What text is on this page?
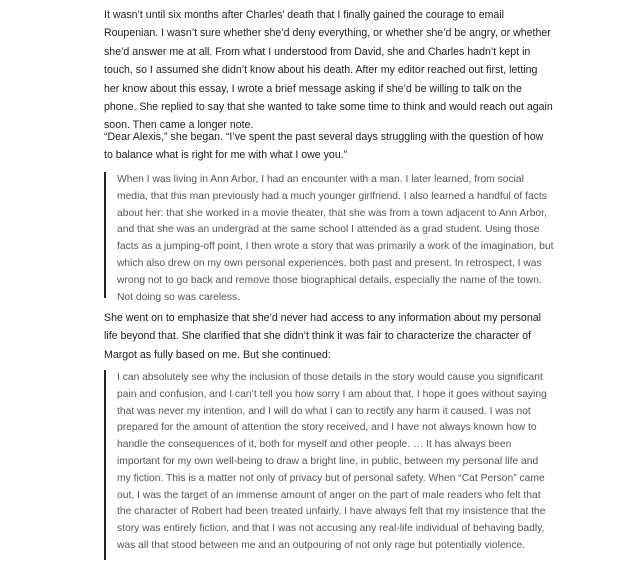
It wasn’t until six months after Charles’ death that I finally gained the courage to email Roupenian. I wasn’t sure whether she’d deny everything, or whether she’d be angry, or whether she’d answer me at all. From what I understood from David, she and Charles hadn’t kept in touch, so I assumed she didn’t know about his death. After my editor reached out first, letting her know about this essay, I wrote a brief message asking if she’d be willing to talk on the phone. She replied to say that she wanted to take some time to think and would reach out again soon. Then came a longer note.

“Dear Alexis,” she began. “I’ve spent the past several days struggling with the question of how to balance what is right for me with what I owe you.”

When I was living in Ann Arbor, I had an encounter with a man. I later learned, from social media, that this man previously had a much younger girlfriend. I also learned a handful of facts about her: that she worked in a movie theater, that she was from a town adjacent to Ann Arbor, and that she was an undergrad at the same school I attended as a grad student. Using those facts as a jumping-off point, I then wrote a story that was primarily a work of the imagination, but which also drew on my own personal experiences, both past and present. In retrospect, I was wrong not to go back and remove those biographical details, especially the name of the town. Not doing so was careless.

She went on to emphasize that she’d never had access to any information about my personal life beyond that. She clarified that she didn’t think it was fair to characterize the character of Margot as fully based on me. But she continued:

I can absolutely see why the inclusion of those details in the story would cause you significant pain and confusion, and I can’t tell you how sorry I am about that. I hope it goes without saying that was never my intention, and I will do what I can to rectify any harm it caused. I was not prepared for the amount of attention the story received, and I have not always known how to handle the consequences of it, both for myself and other people. … It has always been important for my own well-being to draw a bright line, in public, between my personal life and my fiction. This is a matter not only of privacy but of personal safety. When “Cat Person” came out, I was the target of an immense amount of anger on the part of male readers who felt that the character of Robert had been treated unfairly. I have always felt that my insistence that the story was entirely fiction, and that I was not accusing any real-life individual of behaving badly, was all that stood between me and an outpouring of not only rage but potentially violence.
